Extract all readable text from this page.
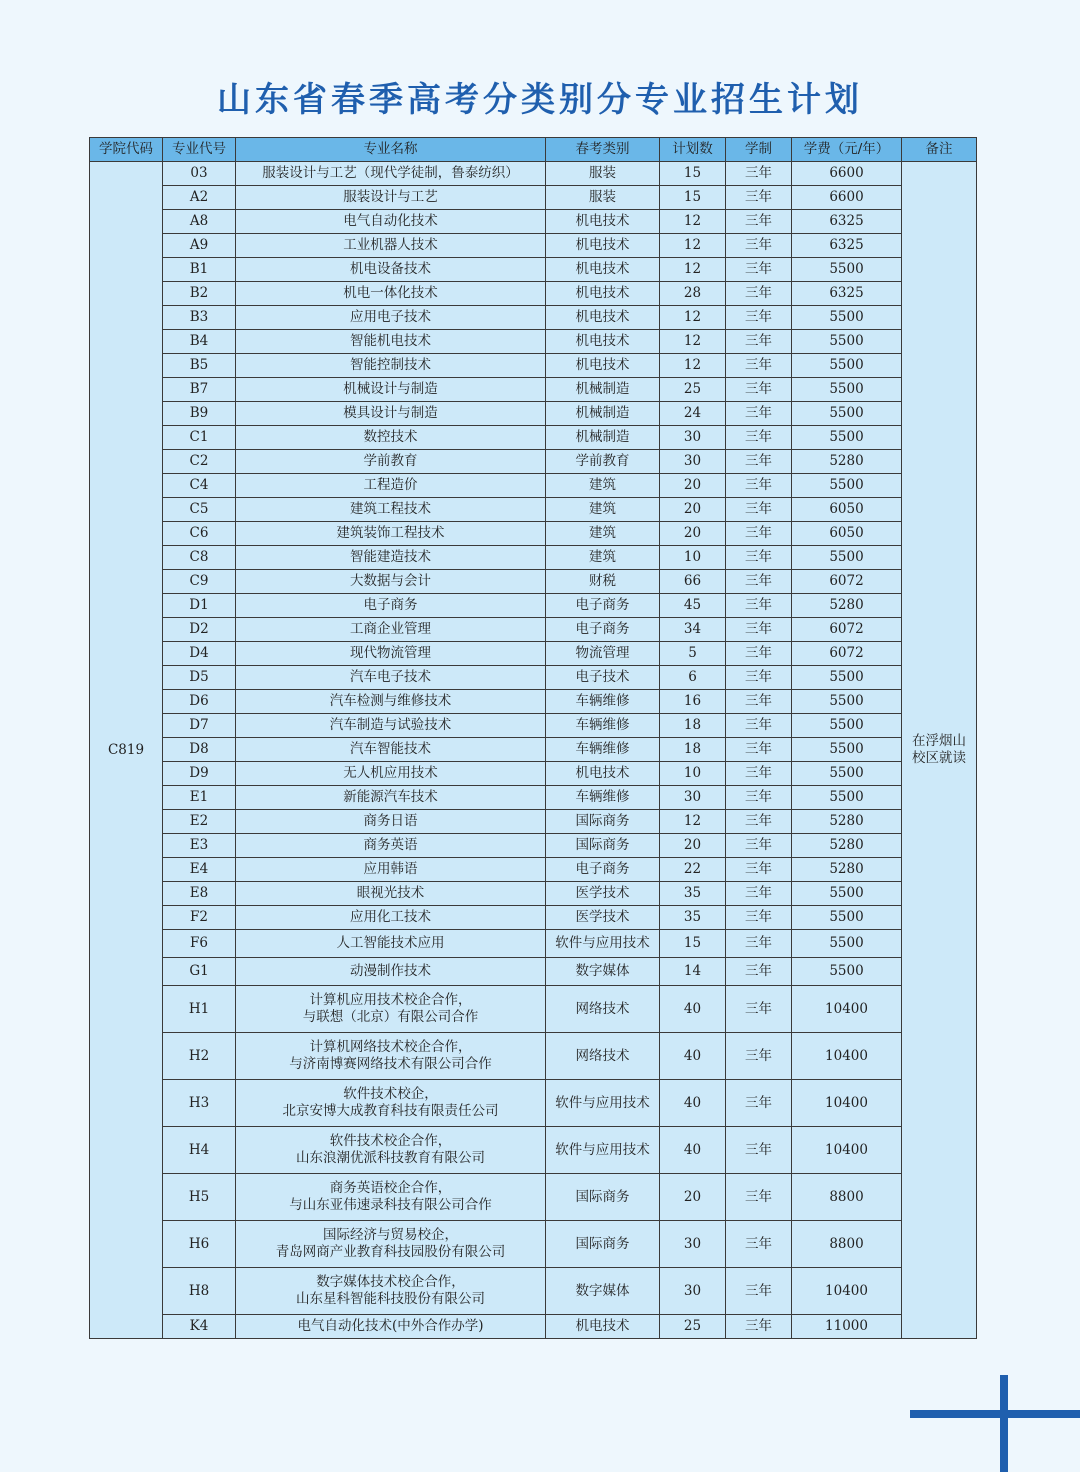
山东省春季高考分类别分专业招生计划
学院代码	专业代号	专业名称	春考类别	计划数	学制	学费（元/年）	备注
C819	03	服装设计与工艺（现代学徒制，鲁泰纺织）	服装	15	三年	6600	在浮烟山校区就读
	A2	服装设计与工艺	服装	15	三年	6600	
	A8	电气自动化技术	机电技术	12	三年	6325	
	A9	工业机器人技术	机电技术	12	三年	6325	
	B1	机电设备技术	机电技术	12	三年	5500	
	B2	机电一体化技术	机电技术	28	三年	6325	
	B3	应用电子技术	机电技术	12	三年	5500	
	B4	智能机电技术	机电技术	12	三年	5500	
	B5	智能控制技术	机电技术	12	三年	5500	
	B7	机械设计与制造	机械制造	25	三年	5500	
	B9	模具设计与制造	机械制造	24	三年	5500	
	C1	数控技术	机械制造	30	三年	5500	
	C2	学前教育	学前教育	30	三年	5280	
	C4	工程造价	建筑	20	三年	5500	
	C5	建筑工程技术	建筑	20	三年	6050	
	C6	建筑装饰工程技术	建筑	20	三年	6050	
	C8	智能建造技术	建筑	10	三年	5500	
	C9	大数据与会计	财税	66	三年	6072	
	D1	电子商务	电子商务	45	三年	5280	
	D2	工商企业管理	电子商务	34	三年	6072	
	D4	现代物流管理	物流管理	5	三年	6072	
	D5	汽车电子技术	电子技术	6	三年	5500	
	D6	汽车检测与维修技术	车辆维修	16	三年	5500	
	D7	汽车制造与试验技术	车辆维修	18	三年	5500	
	D8	汽车智能技术	车辆维修	18	三年	5500	
	D9	无人机应用技术	机电技术	10	三年	5500	
	E1	新能源汽车技术	车辆维修	30	三年	5500	
	E2	商务日语	国际商务	12	三年	5280	
	E3	商务英语	国际商务	20	三年	5280	
	E4	应用韩语	电子商务	22	三年	5280	
	E8	眼视光技术	医学技术	35	三年	5500	
	F2	应用化工技术	医学技术	35	三年	5500	
	F6	人工智能技术应用	软件与应用技术	15	三年	5500	
	G1	动漫制作技术	数字媒体	14	三年	5500	
	H1	计算机应用技术校企合作，
与联想（北京）有限公司合作	网络技术	40	三年	10400	
	H2	计算机网络技术校企合作，
与济南博赛网络技术有限公司合作	网络技术	40	三年	10400	
	H3	软件技术校企，
北京安博大成教育科技有限责任公司	软件与应用技术	40	三年	10400	
	H4	软件技术校企合作，
山东浪潮优派科技教育有限公司	软件与应用技术	40	三年	10400	
	H5	商务英语校企合作，
与山东亚伟速录科技有限公司合作	国际商务	20	三年	8800	
	H6	国际经济与贸易校企，
青岛网商产业教育科技园股份有限公司	国际商务	30	三年	8800	
	H8	数字媒体技术校企合作，
山东星科智能科技股份有限公司	数字媒体	30	三年	10400	
	K4	电气自动化技术(中外合作办学)	机电技术	25	三年	11000	
